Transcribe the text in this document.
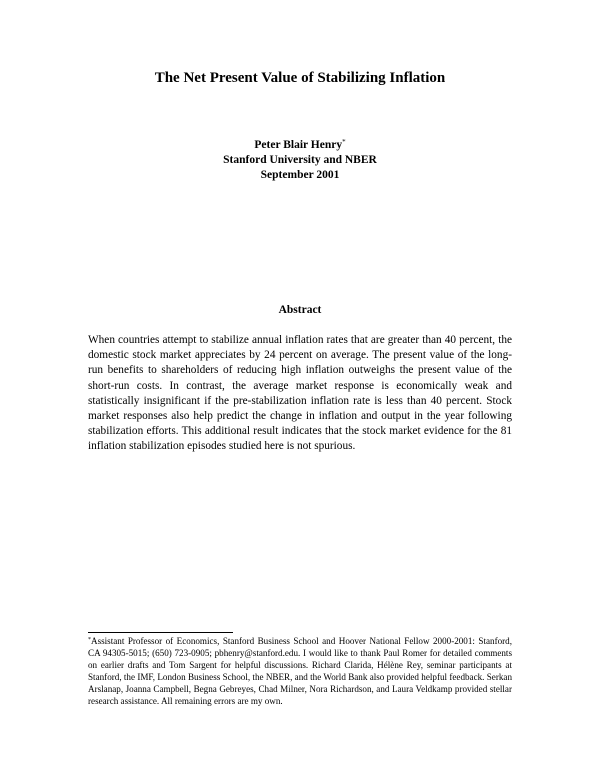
The Net Present Value of Stabilizing Inflation
Peter Blair Henry*
Stanford University and NBER
September 2001
Abstract
When countries attempt to stabilize annual inflation rates that are greater than 40 percent, the domestic stock market appreciates by 24 percent on average. The present value of the long-run benefits to shareholders of reducing high inflation outweighs the present value of the short-run costs. In contrast, the average market response is economically weak and statistically insignificant if the pre-stabilization inflation rate is less than 40 percent. Stock market responses also help predict the change in inflation and output in the year following stabilization efforts. This additional result indicates that the stock market evidence for the 81 inflation stabilization episodes studied here is not spurious.
*Assistant Professor of Economics, Stanford Business School and Hoover National Fellow 2000-2001: Stanford, CA 94305-5015; (650) 723-0905; pbhenry@stanford.edu. I would like to thank Paul Romer for detailed comments on earlier drafts and Tom Sargent for helpful discussions. Richard Clarida, Hélène Rey, seminar participants at Stanford, the IMF, London Business School, the NBER, and the World Bank also provided helpful feedback. Serkan Arslanap, Joanna Campbell, Begna Gebreyes, Chad Milner, Nora Richardson, and Laura Veldkamp provided stellar research assistance. All remaining errors are my own.
